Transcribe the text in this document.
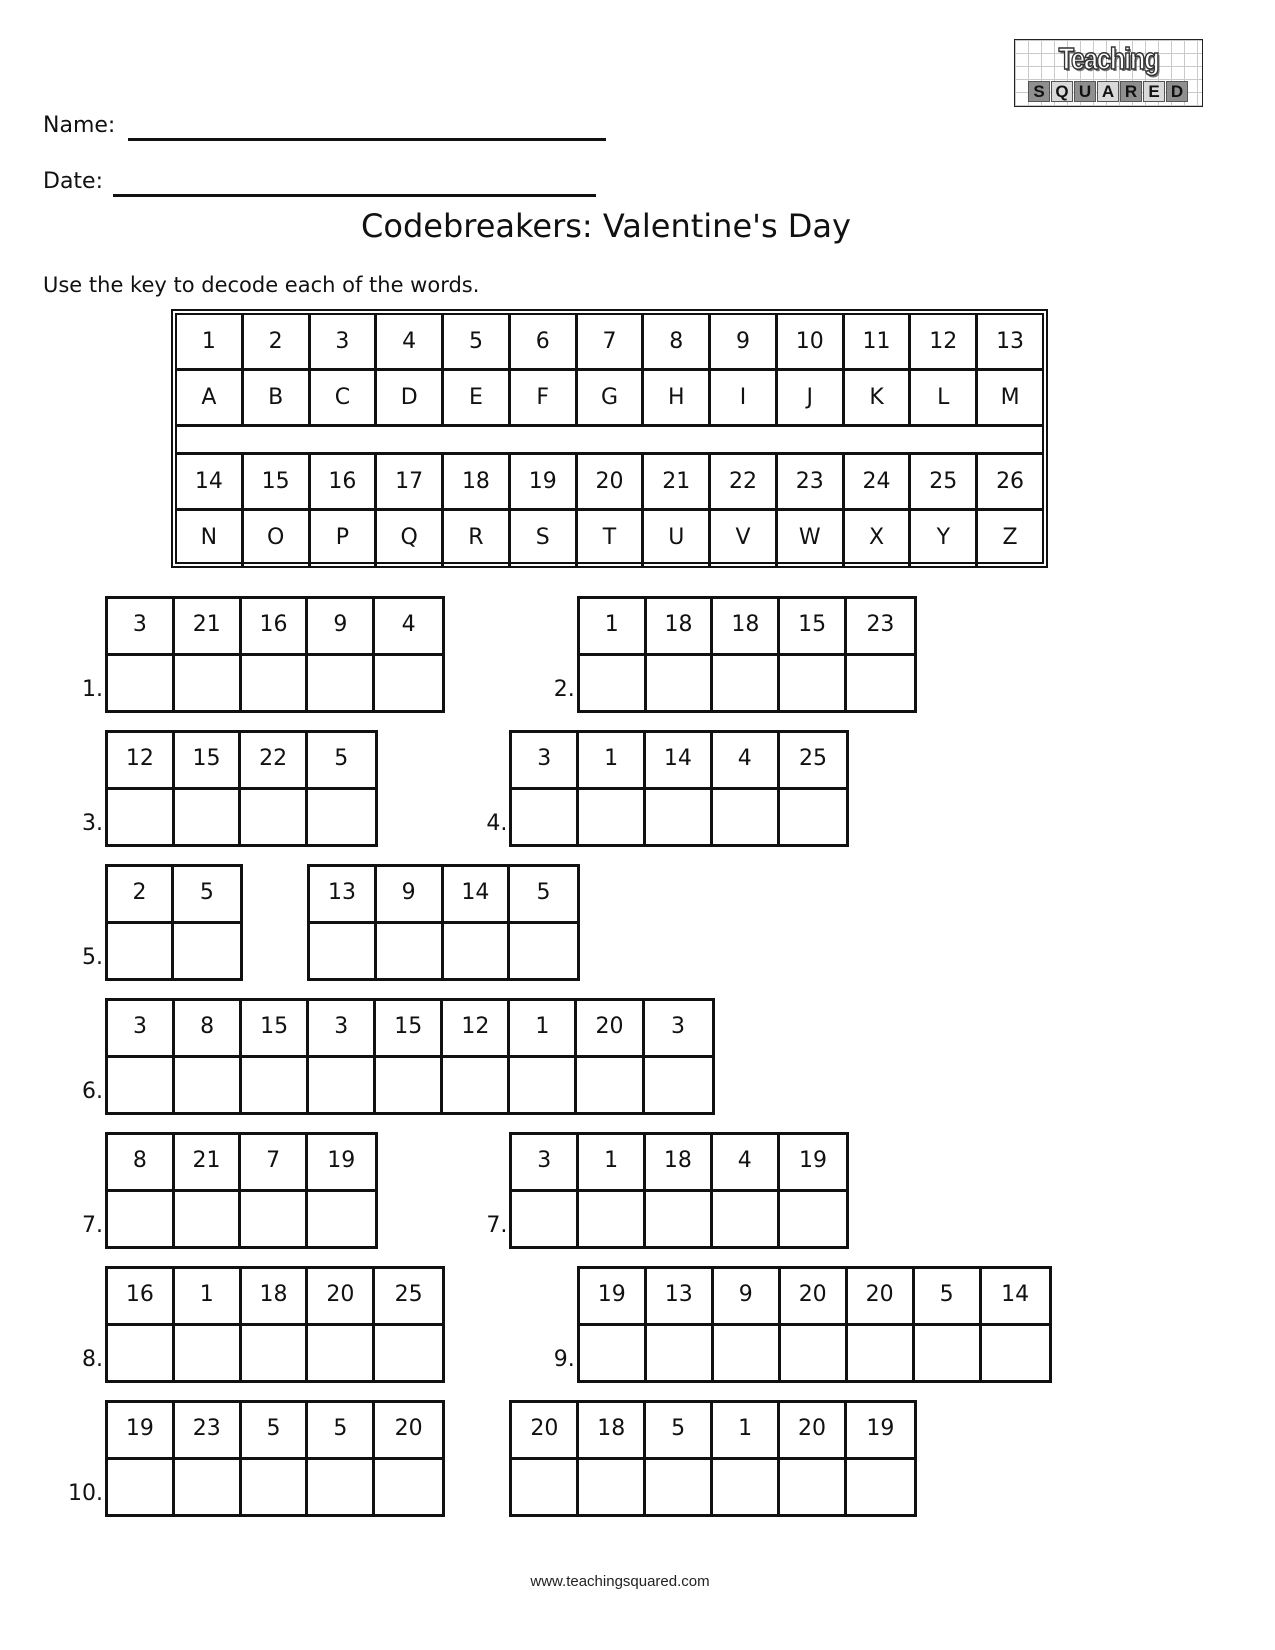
Teaching
S Q U A R E D
Name:
Date:
Codebreakers: Valentine's Day
Use the key to decode each of the words.
1	2	3	4	5	6	7	8	9	10	11	12	13
A	B	C	D	E	F	G	H	I	J	K	L	M
14	15	16	17	18	19	20	21	22	23	24	25	26
N	O	P	Q	R	S	T	U	V	W	X	Y	Z
3	21	16	9	4
1.
1	18	18	15	23
2.
12	15	22	5
3.
3	1	14	4	25
4.
2	5
5.
13	9	14	5
3	8	15	3	15	12	1	20	3
6.
8	21	7	19
7.
3	1	18	4	19
7.
16	1	18	20	25
8.
19	13	9	20	20	5	14
9.
19	23	5	5	20
10.
20	18	5	1	20	19
www.teachingsquared.com
